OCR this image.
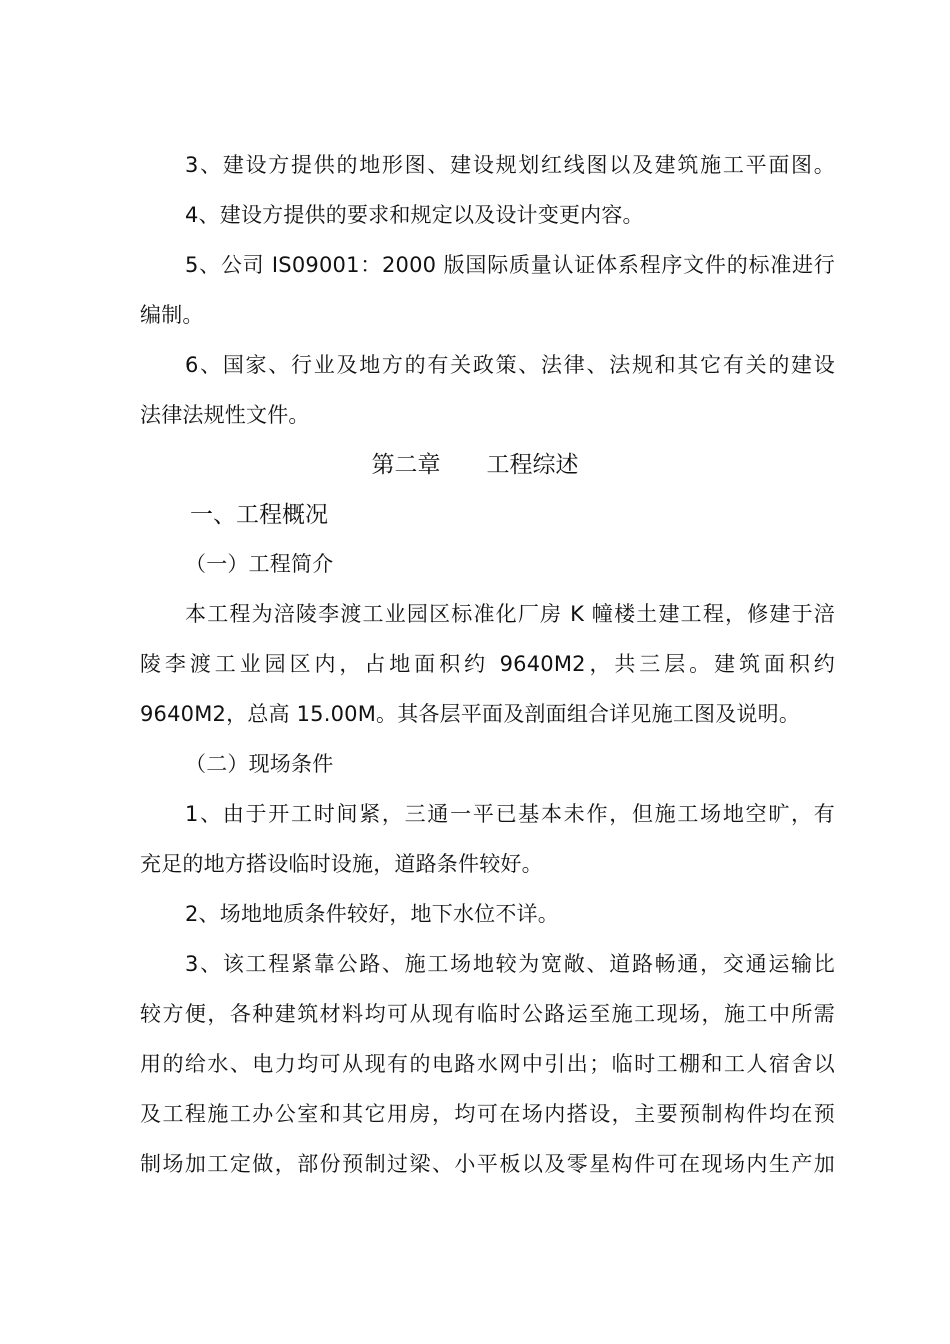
3、建设方提供的地形图、建设规划红线图以及建筑施工平面图。
4、建设方提供的要求和规定以及设计变更内容。
5、公司 IS09001：2000 版国际质量认证体系程序文件的标准进行
编制。
6、国家、行业及地方的有关政策、法律、法规和其它有关的建设
法律法规性文件。
第二章　　工程综述
一、工程概况
（一）工程简介
本工程为涪陵李渡工业园区标准化厂房 K 幢楼土建工程，修建于涪
陵李渡工业园区内，占地面积约 9640M2，共三层。建筑面积约
9640M2，总高 15.00M。其各层平面及剖面组合详见施工图及说明。
（二）现场条件
1、由于开工时间紧，三通一平已基本未作，但施工场地空旷，有
充足的地方搭设临时设施，道路条件较好。
2、场地地质条件较好，地下水位不详。
3、该工程紧靠公路、施工场地较为宽敞、道路畅通，交通运输比
较方便，各种建筑材料均可从现有临时公路运至施工现场，施工中所需
用的给水、电力均可从现有的电路水网中引出；临时工棚和工人宿舍以
及工程施工办公室和其它用房，均可在场内搭设，主要预制构件均在预
制场加工定做，部份预制过梁、小平板以及零星构件可在现场内生产加
